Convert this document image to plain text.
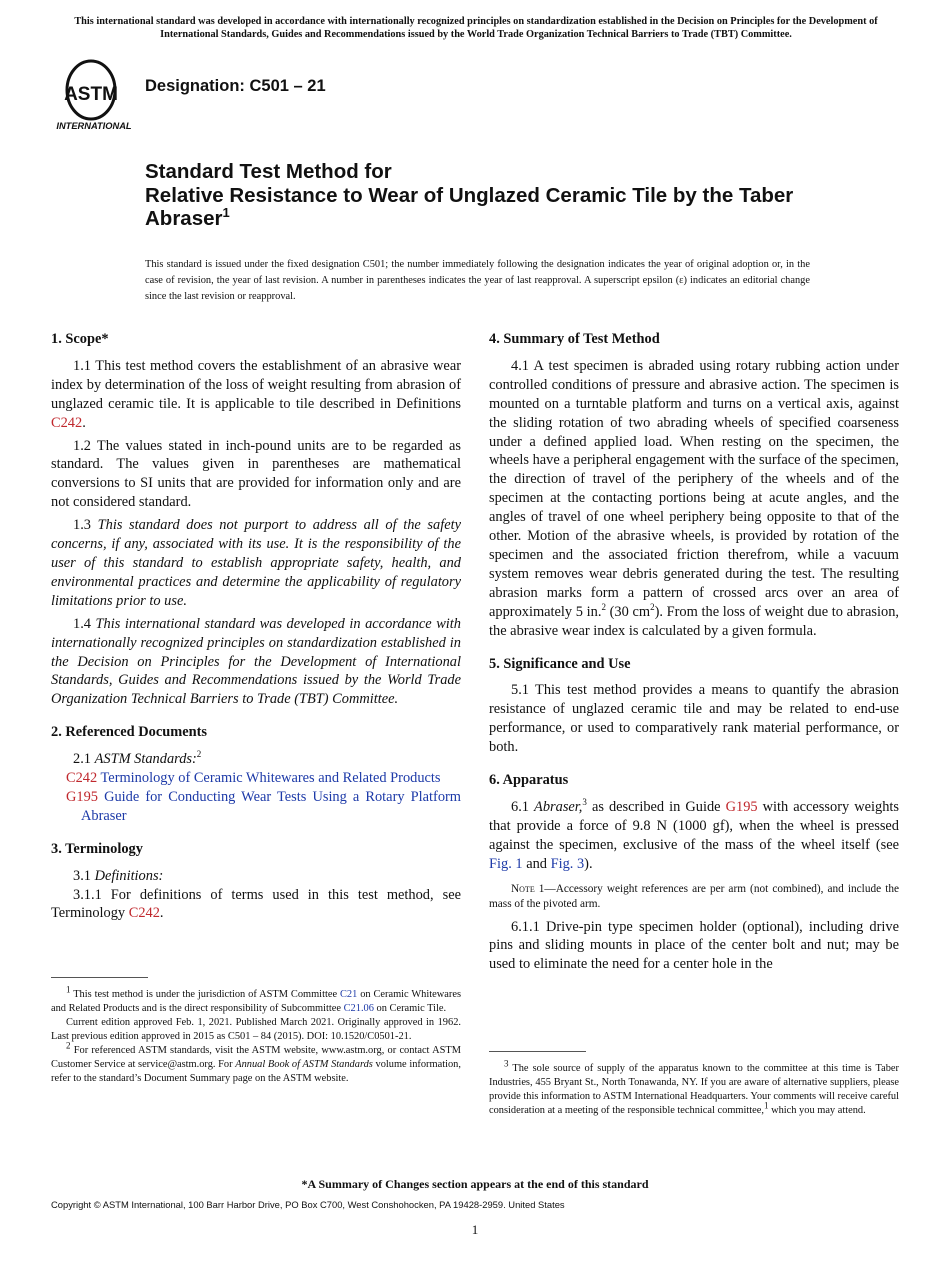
This international standard was developed in accordance with internationally recognized principles on standardization established in the Decision on Principles for the Development of International Standards, Guides and Recommendations issued by the World Trade Organization Technical Barriers to Trade (TBT) Committee.
ASTM
INTERNATIONAL
Designation: C501 – 21
Standard Test Method for
Relative Resistance to Wear of Unglazed Ceramic Tile by the Taber Abraser$^1$
This standard is issued under the fixed designation C501; the number immediately following the designation indicates the year of original adoption or, in the case of revision, the year of last revision. A number in parentheses indicates the year of last reapproval. A superscript epsilon (ε) indicates an editorial change since the last revision or reapproval.

1. Scope*

1.1 This test method covers the establishment of an abrasive wear index by determination of the loss of weight resulting from abrasion of unglazed ceramic tile. It is applicable to tile described in Definitions C242.

1.2 The values stated in inch-pound units are to be regarded as standard. The values given in parentheses are mathematical conversions to SI units that are provided for information only and are not considered standard.

1.3 This standard does not purport to address all of the safety concerns, if any, associated with its use. It is the responsibility of the user of this standard to establish appropriate safety, health, and environmental practices and determine the applicability of regulatory limitations prior to use.

1.4 This international standard was developed in accordance with internationally recognized principles on standardization established in the Decision on Principles for the Development of International Standards, Guides and Recommendations issued by the World Trade Organization Technical Barriers to Trade (TBT) Committee.

2. Referenced Documents

2.1 ASTM Standards:$^2$

C242 Terminology of Ceramic Whitewares and Related Products

G195 Guide for Conducting Wear Tests Using a Rotary Platform Abraser

3. Terminology

3.1 Definitions:

3.1.1 For definitions of terms used in this test method, see Terminology C242.

4. Summary of Test Method

4.1 A test specimen is abraded using rotary rubbing action under controlled conditions of pressure and abrasive action. The specimen is mounted on a turntable platform and turns on a vertical axis, against the sliding rotation of two abrading wheels of specified coarseness under a defined applied load. When resting on the specimen, the wheels have a peripheral engagement with the surface of the specimen, the direction of travel of the periphery of the wheels and of the specimen at the contacting portions being at acute angles, and the angles of travel of one wheel periphery being opposite to that of the other. Motion of the abrasive wheels, is provided by rotation of the specimen and the associated friction therefrom, while a vacuum system removes wear debris generated during the test. The resulting abrasion marks form a pattern of crossed arcs over an area of approximately 5 in.$^2$ (30 $cm^2$). From the loss of weight due to abrasion, the abrasive wear index is calculated by a given formula.

5. Significance and Use

5.1 This test method provides a means to quantify the abrasion resistance of unglazed ceramic tile and may be related to end-use performance, or used to comparatively rank material performance, or both.

6. Apparatus

6.1 Abraser,$^3$ as described in Guide G195 with accessory weights that provide a force of 9.8 N (1000 gf), when the wheel is pressed against the specimen, exclusive of the mass of the wheel itself (see Fig. 1 and Fig. 3).

Note 1—Accessory weight references are per arm (not combined), and include the mass of the pivoted arm.

6.1.1 Drive-pin type specimen holder (optional), including drive pins and sliding mounts in place of the center bolt and nut; may be used to eliminate the need for a center hole in the

$^1$ This test method is under the jurisdiction of ASTM Committee C21 on Ceramic Whitewares and Related Products and is the direct responsibility of Subcommittee C21.06 on Ceramic Tile.

Current edition approved Feb. 1, 2021. Published March 2021. Originally approved in 1962. Last previous edition approved in 2015 as C501 – 84 (2015). DOI: 10.1520/C0501-21.

$^2$ For referenced ASTM standards, visit the ASTM website, www.astm.org, or contact ASTM Customer Service at service@astm.org. For Annual Book of ASTM Standards volume information, refer to the standard’s Document Summary page on the ASTM website.

$^3$ The sole source of supply of the apparatus known to the committee at this time is Taber Industries, 455 Bryant St., North Tonawanda, NY. If you are aware of alternative suppliers, please provide this information to ASTM International Headquarters. Your comments will receive careful consideration at a meeting of the responsible technical committee,$^1$ which you may attend.

*A Summary of Changes section appears at the end of this standard
Copyright © ASTM International, 100 Barr Harbor Drive, PO Box C700, West Conshohocken, PA 19428-2959. United States
1
